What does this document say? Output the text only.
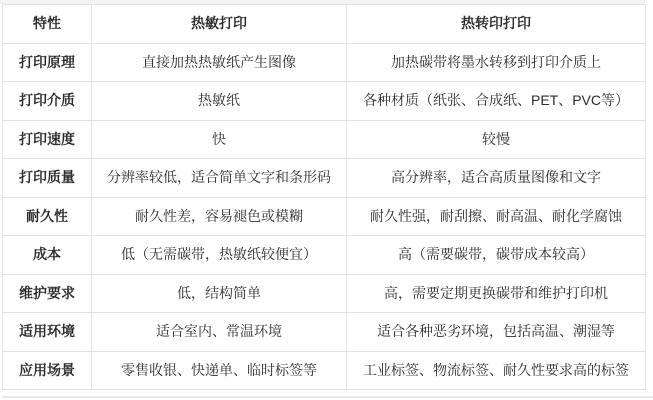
特性	热敏打印	热转印打印
打印原理	直接加热热敏纸产生图像	加热碳带将墨水转移到打印介质上
打印介质	热敏纸	各种材质（纸张、合成纸、PET、PVC等）
打印速度	快	较慢
打印质量	分辨率较低，适合简单文字和条形码	高分辨率，适合高质量图像和文字
耐久性	耐久性差，容易褪色或模糊	耐久性强，耐刮擦、耐高温、耐化学腐蚀
成本	低（无需碳带，热敏纸较便宜）	高（需要碳带，碳带成本较高）
维护要求	低，结构简单	高，需要定期更换碳带和维护打印机
适用环境	适合室内、常温环境	适合各种恶劣环境，包括高温、潮湿等
应用场景	零售收银、快递单、临时标签等	工业标签、物流标签、耐久性要求高的标签
